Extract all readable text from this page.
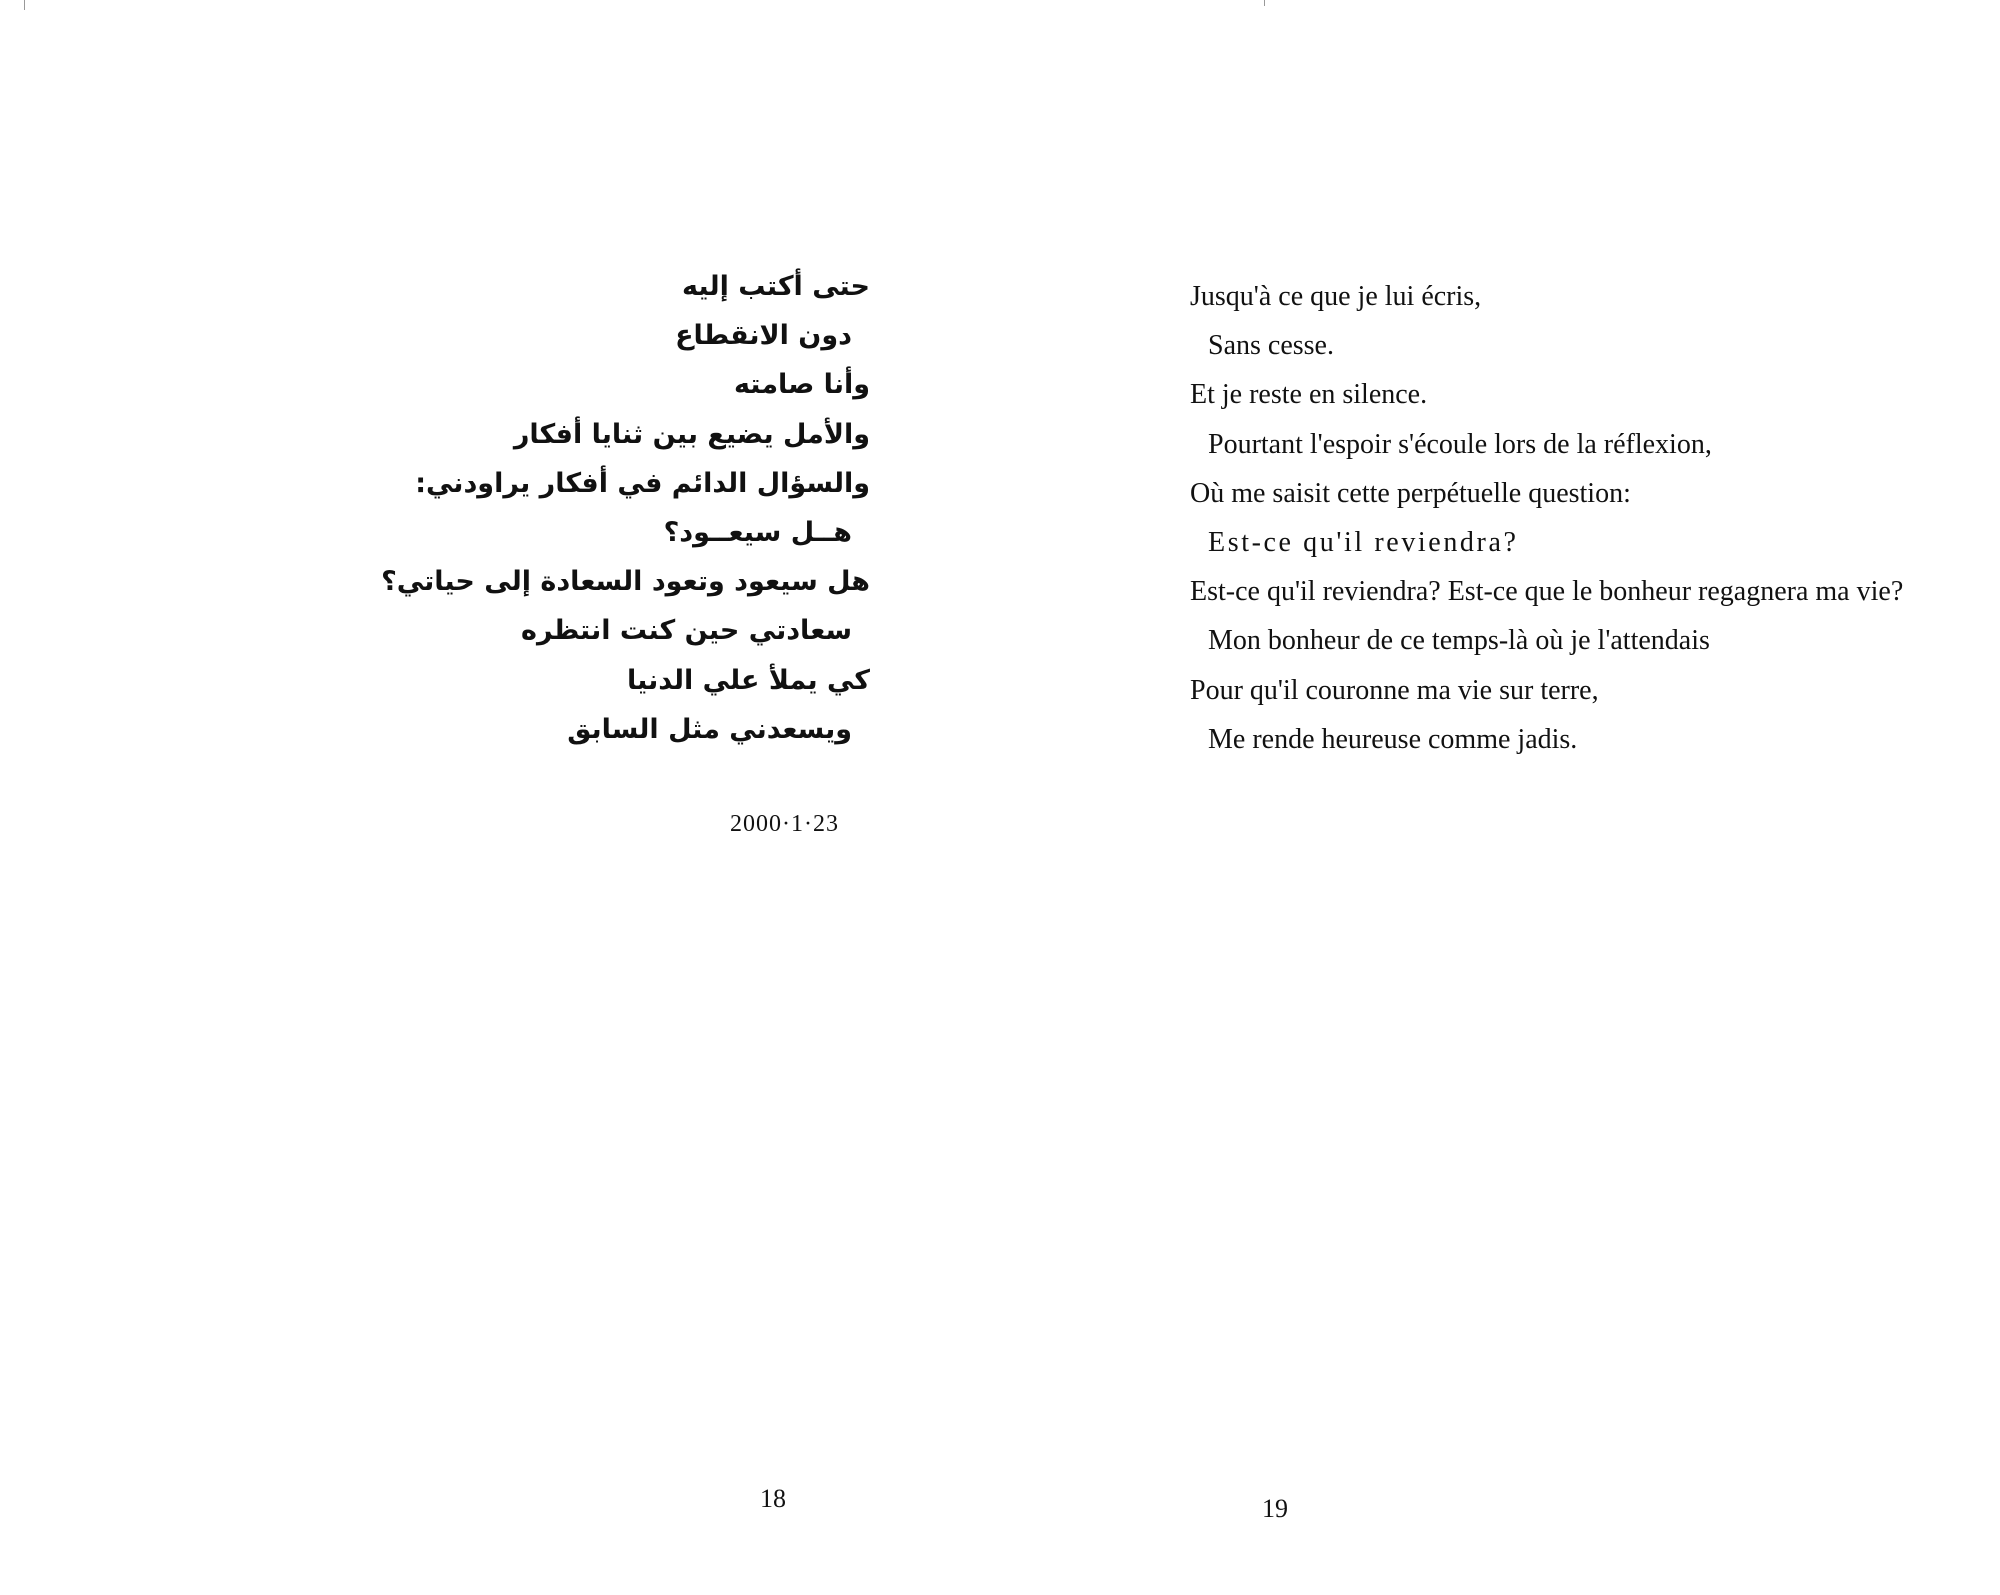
حتى أكتب إليه
دون الانقطاع
وأنا صامته
والأمل يضيع بين ثنايا أفكار
والسؤال الدائم في أفكار يراودني:
هــل سيعــود؟
هل سيعود وتعود السعادة إلى حياتي؟
سعادتي حين كنت انتظره
كي يملأ علي الدنيا
ويسعدني مثل السابق
2000·1·23
18
Jusqu'à ce que je lui écris,
Sans cesse.
Et je reste en silence.
Pourtant l'espoir s'écoule lors de la réflexion,
Où me saisit cette perpétuelle question:
Est-ce qu'il reviendra?
Est-ce qu'il reviendra? Est-ce que le bonheur regagnera ma vie?
Mon bonheur de ce temps-là où je l'attendais
Pour qu'il couronne ma vie sur terre,
Me rende heureuse comme jadis.
19
